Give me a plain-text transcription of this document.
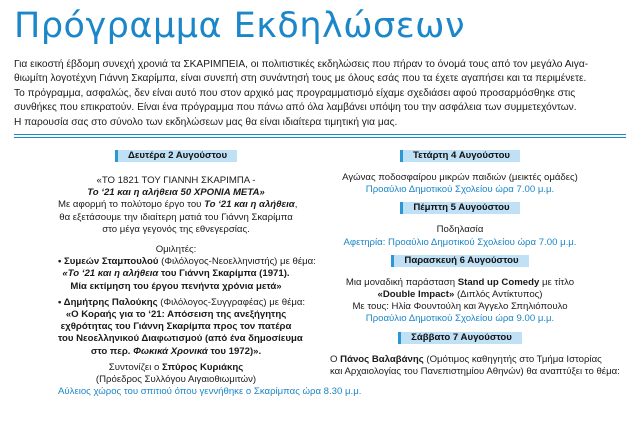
Πρόγραμμα Εκδηλώσεων

Για εικοστή έβδομη συνεχή χρονιά τα ΣΚΑΡΙΜΠΕΙΑ, οι πολιτιστικές εκδηλώσεις που πήραν το όνομά τους από τον μεγάλο Αιγα-

θιωμίτη λογοτέχνη Γιάννη Σκαρίμπα, είναι συνεπή στη συνάντησή τους με όλους εσάς που τα έχετε αγαπήσει και τα περιμένετε.

Το πρόγραμμα, ασφαλώς, δεν είναι αυτό που στον αρχικό μας προγραμματισμό είχαμε σχεδιάσει αφού προσαρμόσθηκε στις

συνθήκες που επικρατούν. Είναι ένα πρόγραμμα που πάνω από όλα λαμβάνει υπόψη του την ασφάλεια των συμμετεχόντων.

Η παρουσία σας στο σύνολο των εκδηλώσεων μας θα είναι ιδιαίτερα τιμητική για μας.

Δευτέρα 2 Αυγούστου
«ΤΟ 1821 ΤΟΥ ΓΙΑΝΝΗ ΣΚΑΡΙΜΠΑ -
Το ‘21 και η αλήθεια 50 ΧΡΟΝΙΑ ΜΕΤΑ»
Με αφορμή το πολύτομο έργο του Το ‘21 και η αλήθεια,
θα εξετάσουμε την ιδιαίτερη ματιά του Γιάννη Σκαρίμπα
στο μέγα γεγονός της εθνεγερσίας.
Ομιλητές:
• Συμεών Σταμπουλού (Φιλόλογος-Νεοελληνιστής) με θέμα:
«Το ‘21 και η αλήθεια του Γιάννη Σκαρίμπα (1971).
Μία εκτίμηση του έργου πενήντα χρόνια μετά»
• Δημήτρης Παλούκης (Φιλόλογος-Συγγραφέας) με θέμα:
«Ο Κοραής για το ‘21: Απόσειση της ανεξήγητης
εχθρότητας του Γιάννη Σκαρίμπα προς τον πατέρα
του Νεοελληνικού Διαφωτισμού (από ένα δημοσίευμα
στο περ. Φωκικά Χρονικά του 1972)».
Συντονίζει ο Σπύρος Κυριάκης
(Πρόεδρος Συλλόγου Αιγαιοθιωμιτών)
Αύλειος χώρος του σπιτιού όπου γεννήθηκε ο Σκαρίμπας ώρα 8.30 μ.μ.
Τετάρτη 4 Αυγούστου
Αγώνας ποδοσφαίρου μικρών παιδιών (μεικτές ομάδες)
Προαύλιο Δημοτικού Σχολείου ώρα 7.00 μ.μ.
Πέμπτη 5 Αυγούστου
Ποδηλασία
Αφετηρία: Προαύλιο Δημοτικού Σχολείου ώρα 7.00 μ.μ.
Παρασκευή 6 Αυγούστου
Μια μοναδική παράσταση Stand up Comedy με τίτλο
«Double Impact» (Διπλός Αντίκτυπος)
Με τους: Ηλία Φουντούλη και Άγγελο Σπηλιόπουλο
Προαύλιο Δημοτικού Σχολείου ώρα 9.00 μ.μ.
Σάββατο 7 Αυγούστου
Ο Πάνος Βαλαβάνης (Ομότιμος καθηγητής στο Τμήμα Ιστορίας
και Αρχαιολογίας του Πανεπιστημίου Αθηνών) θα αναπτύξει το θέμα:
